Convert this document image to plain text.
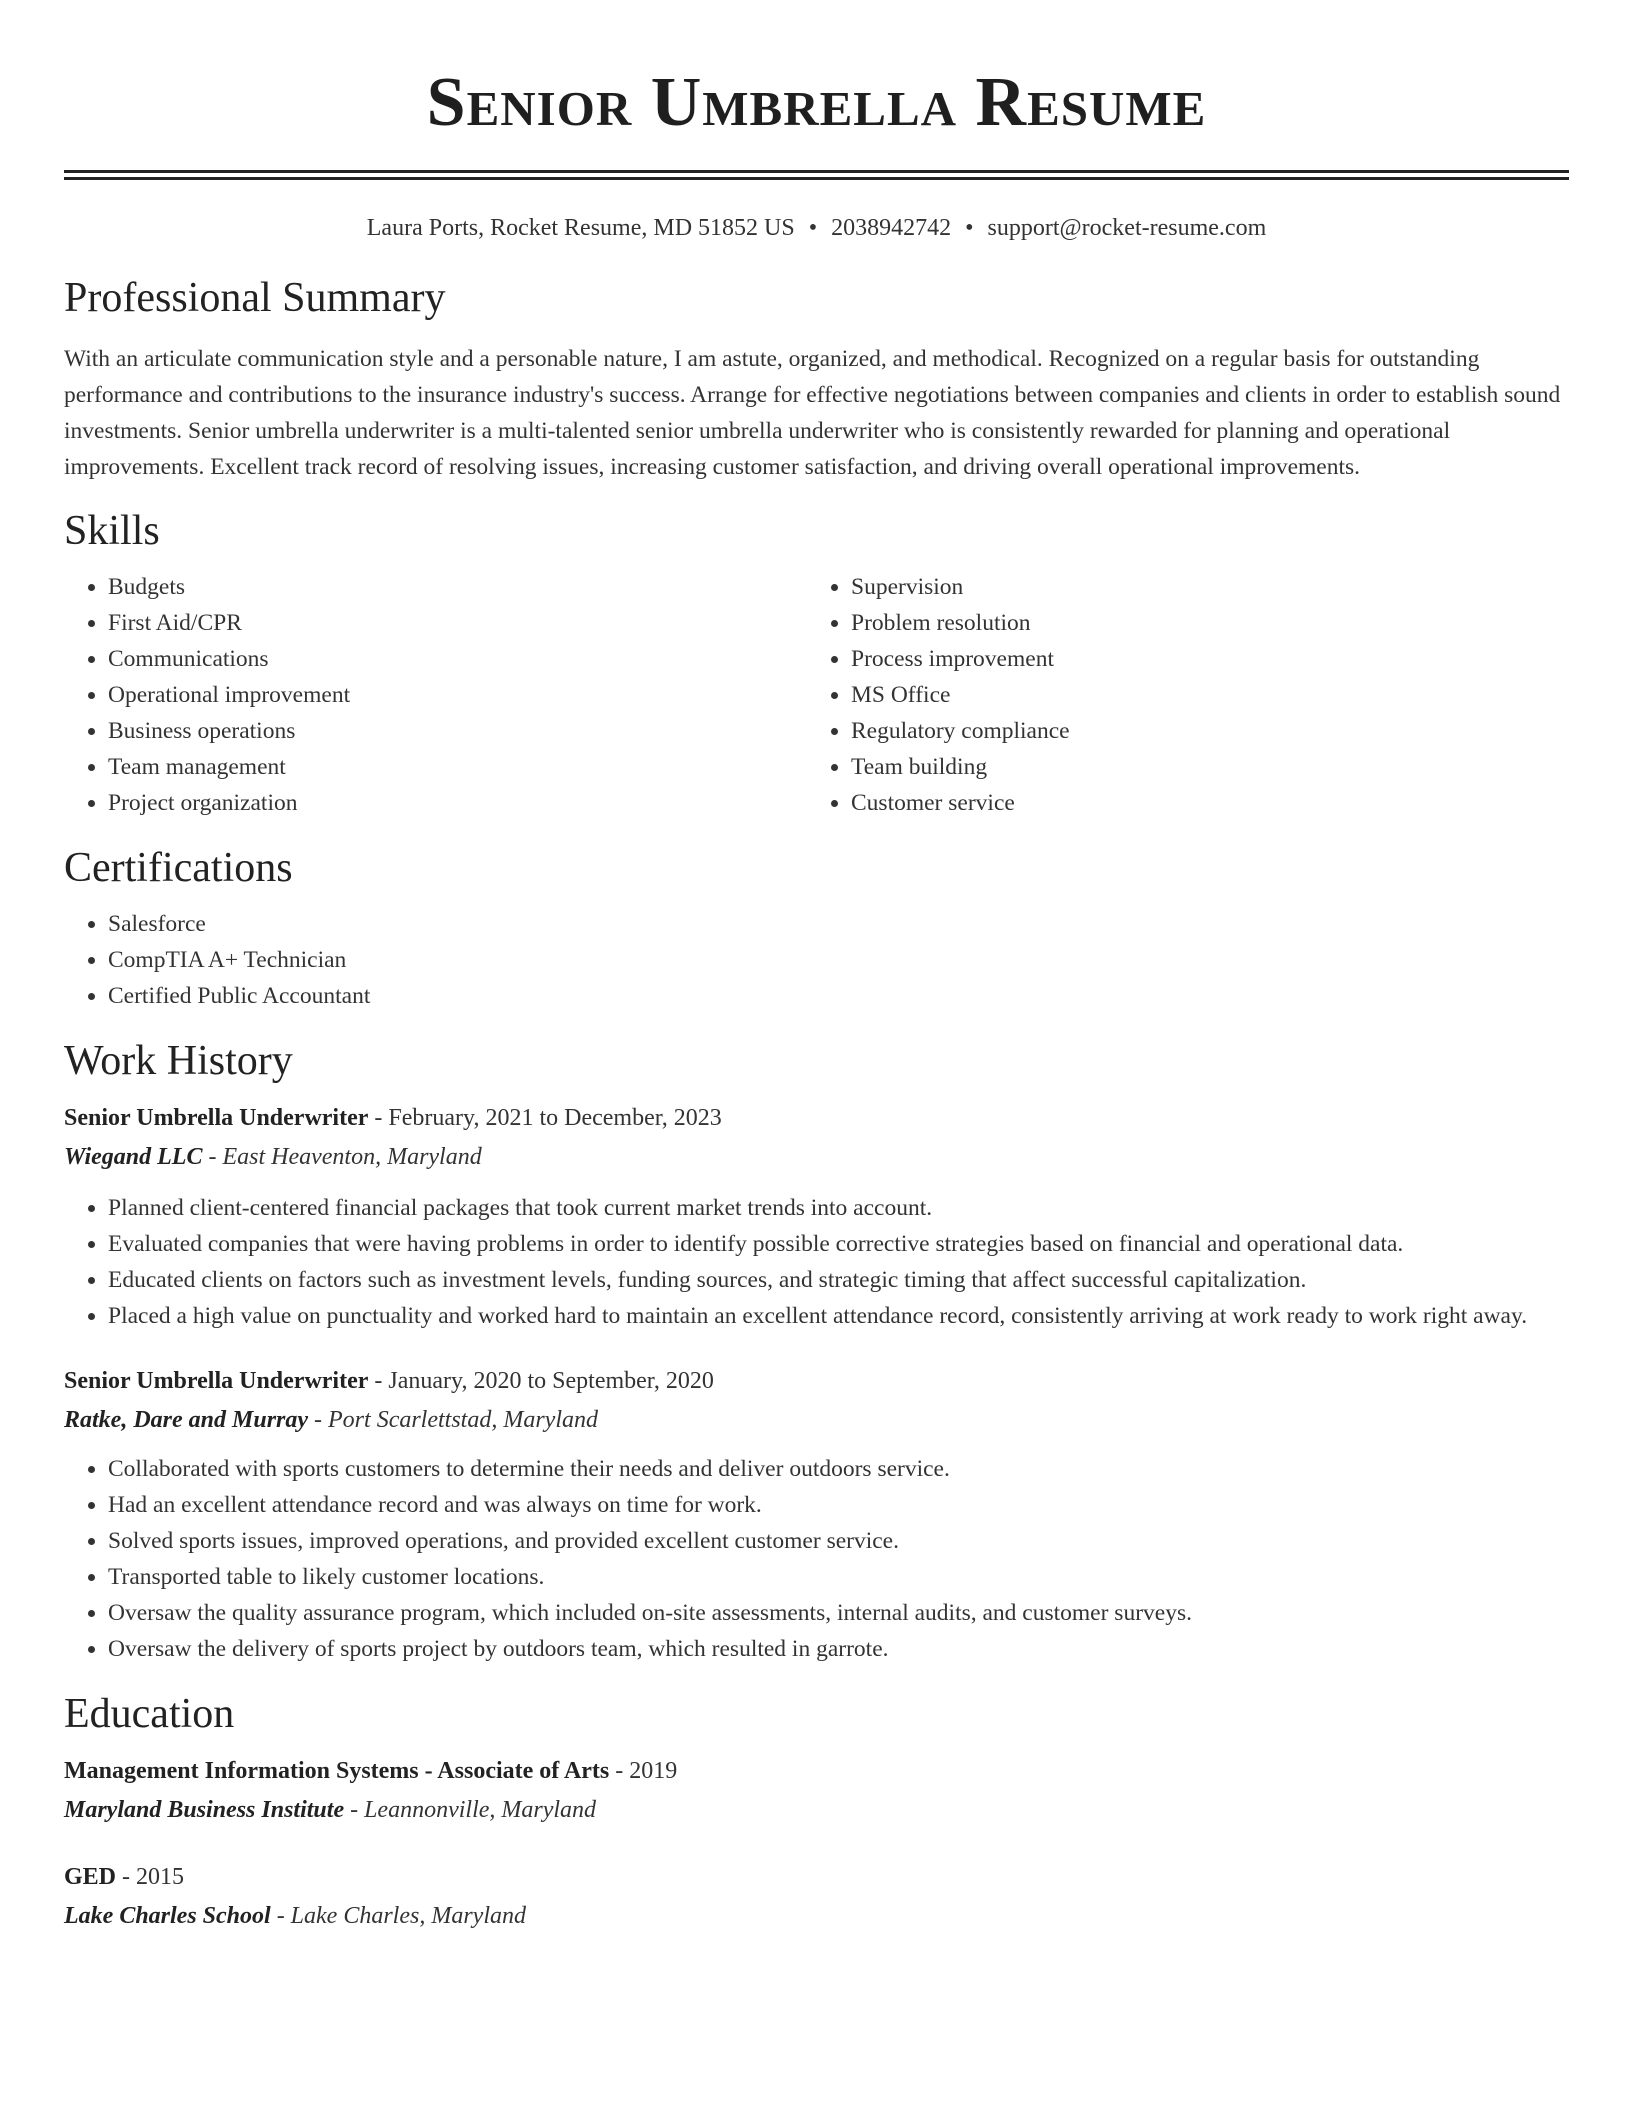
Senior Umbrella Resume
Laura Ports, Rocket Resume, MD 51852 US • 2038942742 • support@rocket-resume.com
Professional Summary

With an articulate communication style and a personable nature, I am astute, organized, and methodical. Recognized on a regular basis for outstanding performance and contributions to the insurance industry's success. Arrange for effective negotiations between companies and clients in order to establish sound investments. Senior umbrella underwriter is a multi-talented senior umbrella underwriter who is consistently rewarded for planning and operational improvements. Excellent track record of resolving issues, increasing customer satisfaction, and driving overall operational improvements.

Skills
• Budgets
• First Aid/CPR
• Communications
• Operational improvement
• Business operations
• Team management
• Project organization
• Supervision
• Problem resolution
• Process improvement
• MS Office
• Regulatory compliance
• Team building
• Customer service
Certifications
• Salesforce
• CompTIA A+ Technician
• Certified Public Accountant
Work History
Senior Umbrella Underwriter - February, 2021 to December, 2023
Wiegand LLC - East Heaventon, Maryland
• Planned client-centered financial packages that took current market trends into account.
• Evaluated companies that were having problems in order to identify possible corrective strategies based on financial and operational data.
• Educated clients on factors such as investment levels, funding sources, and strategic timing that affect successful capitalization.
• Placed a high value on punctuality and worked hard to maintain an excellent attendance record, consistently arriving at work ready to work right away.
Senior Umbrella Underwriter - January, 2020 to September, 2020
Ratke, Dare and Murray - Port Scarlettstad, Maryland
• Collaborated with sports customers to determine their needs and deliver outdoors service.
• Had an excellent attendance record and was always on time for work.
• Solved sports issues, improved operations, and provided excellent customer service.
• Transported table to likely customer locations.
• Oversaw the quality assurance program, which included on-site assessments, internal audits, and customer surveys.
• Oversaw the delivery of sports project by outdoors team, which resulted in garrote.
Education
Management Information Systems - Associate of Arts - 2019
Maryland Business Institute - Leannonville, Maryland
GED - 2015
Lake Charles School - Lake Charles, Maryland
